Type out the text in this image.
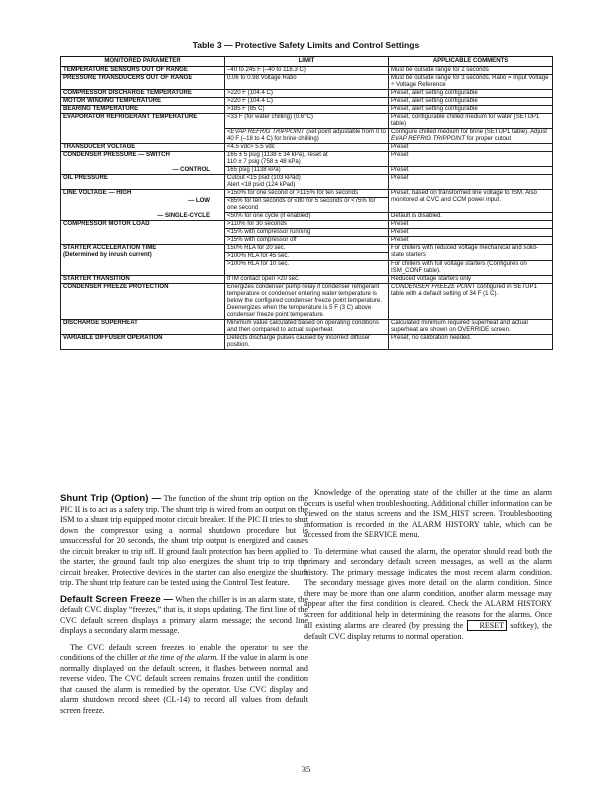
Table 3 — Protective Safety Limits and Control Settings
MONITORED PARAMETER	LIMIT	APPLICABLE COMMENTS
TEMPERATURE SENSORS OUT OF RANGE	–40 to 245 F (–40 to 118.3 C)	Must be outside range for 2 seconds
PRESSURE TRANSDUCERS OUT OF RANGE	0.06 to 0.98 Voltage Ratio	Must be outside range for 3 seconds. Ratio = Input Voltage ÷ Voltage Reference
COMPRESSOR DISCHARGE TEMPERATURE	>220 F (104.4 C)	Preset, alert setting configurable
MOTOR WINDING TEMPERATURE	>220 F (104.4 C)	Preset, alert setting configurable
BEARING TEMPERATURE	>185 F (85 C)	Preset, alert setting configurable
EVAPORATOR REFRIGERANT TEMPERATURE	<33 F (for water chilling) (0.6°C)	Preset, configurable chilled medium for water (SETUP1 table)
	<EVAP REFRIG TRIPPOINT (set point adjustable from 0 to 40 F (–18 to 4 C) for brine chilling)	Configure chilled medium for brine (SETUP1 table). Adjust EVAP REFRIG TRIPPOINT for proper cutout
TRANSDUCER VOLTAGE	<4.5 vdc> 5.5 vdc	Preset
CONDENSER PRESSURE — SWITCH	165 ± 5 psig (1138 ± 34 kPa), reset at
110 ± 7 psig (758 ± 48 kPa)	Preset
— CONTROL	165 psig (1138 kPa)	Preset
OIL PRESSURE	Cutout <15 psid (103 kPad)
Alert <18 psid (124 kPad)	Preset
LINE VOLTAGE — HIGH	>150% for one second or >115% for ten seconds	Preset, based on transformed line voltage to ISM. Also monitored at CVC and CCM power input.
— LOW	<85% for ten seconds or ≤80 for 5 seconds or <75% for one second	
— SINGLE-CYCLE	<50% for one cycle (if enabled)	Default is disabled.
COMPRESSOR MOTOR LOAD	>110% for 30 seconds	Preset
	<15% with compressor running	Preset
	>15% with compressor off	Preset

STARTER ACCELERATION TIME
(Determined by inrush current)	150% RLA for 20 sec.	For chillers with reduced voltage mechanical and solid-state starters
	>100% RLA for 45 sec.	
	>100% RLA for 10 sec.	For chillers with full voltage starters (Configures on ISM_CONF table).
STARTER TRANSITION	If IM contact open >20 sec.	Reduced voltage starters only
CONDENSER FREEZE PROTECTION	Energizes condenser pump relay if condenser refrigerant temperature or condenser entering water temperature is below the configured condenser freeze point temperature. Deenergizes when the temperature is 5 F (3 C) above condenser freeze point temperature.	CONDENSER FREEZE POINT configured in SETUP1 table with a default setting of 34 F (1 C).
DISCHARGE SUPERHEAT	Minimum value calculated based on operating conditions and then compared to actual superheat.	Calculated minimum required superheat and actual superheat are shown on OVERRIDE screen.
VARIABLE DIFFUSER OPERATION	Detects discharge pulses caused by incorrect diffuser position.	Preset, no calibration needed.

Shunt Trip (Option) — The function of the shunt trip option on the PIC II is to act as a safety trip. The shunt trip is wired from an output on the ISM to a shunt trip equipped motor circuit breaker. If the PIC II tries to shut down the compressor using a normal shutdown procedure but is unsuccessful for 20 seconds, the shunt trip output is energized and causes the circuit breaker to trip off. If ground fault protection has been applied to the starter, the ground fault trip also energizes the shunt trip to trip the circuit breaker. Protective devices in the starter can also energize the shunt trip. The shunt trip feature can be tested using the Control Test feature.

Default Screen Freeze — When the chiller is in an alarm state, the default CVC display “freezes,” that is, it stops updating. The first line of the CVC default screen displays a primary alarm message; the second line displays a secondary alarm message.

The CVC default screen freezes to enable the operator to see the conditions of the chiller at the time of the alarm. If the value in alarm is one normally displayed on the default screen, it flashes between normal and reverse video. The CVC default screen remains frozen until the condition that caused the alarm is remedied by the operator. Use CVC display and alarm shutdown record sheet (CL-14) to record all values from default screen freeze.

Knowledge of the operating state of the chiller at the time an alarm occurs is useful when troubleshooting. Additional chiller information can be viewed on the status screens and the ISM_HIST screen. Troubleshooting information is recorded in the ALARM HISTORY table, which can be accessed from the SERVICE menu.

To determine what caused the alarm, the operator should read both the primary and secondary default screen messages, as well as the alarm history. The primary message indicates the most recent alarm condition. The secondary message gives more detail on the alarm condition. Since there may be more than one alarm condition, another alarm message may appear after the first condition is cleared. Check the ALARM HISTORY screen for additional help in determining the reasons for the alarms. Once all existing alarms are cleared (by pressing the RESET softkey), the default CVC display returns to normal operation.

35
